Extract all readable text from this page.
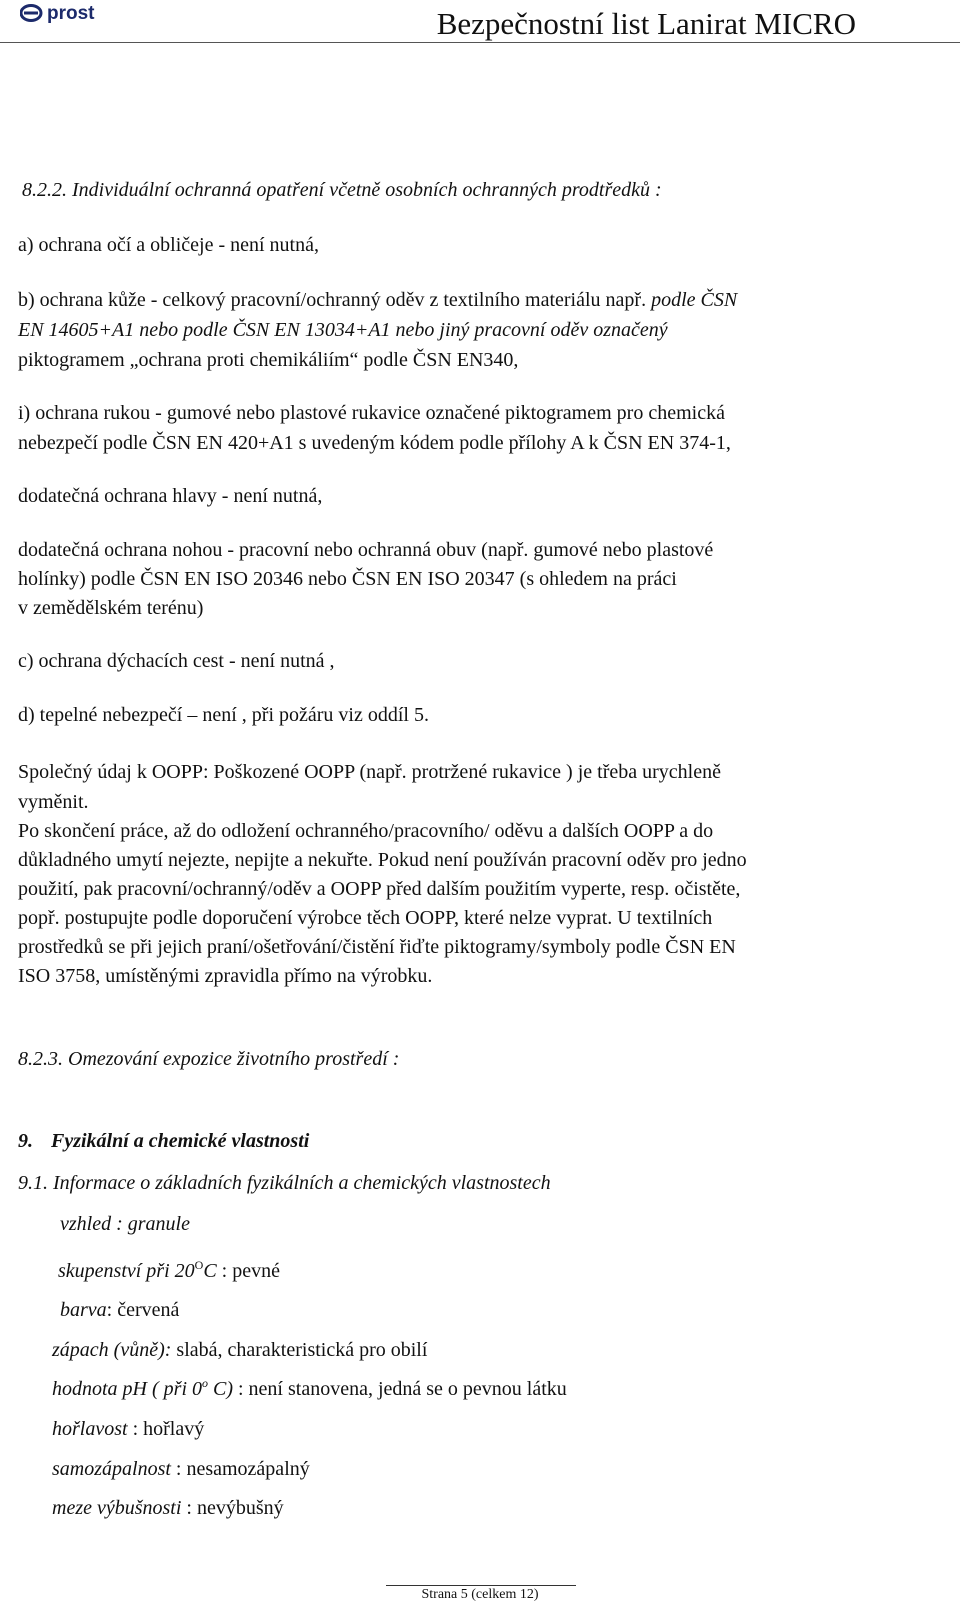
prost	Bezpečnostní list Lanirat MICRO
8.2.2. Individuální ochranná opatření včetně osobních ochranných prodtředků :
a) ochrana očí a obličeje - není nutná,
b) ochrana kůže - celkový pracovní/ochranný oděv z textilního materiálu např. podle ČSN
EN 14605+A1 nebo podle ČSN EN 13034+A1 nebo jiný pracovní oděv označený
piktogramem „ochrana proti chemikáliím“ podle ČSN EN340,
i) ochrana rukou - gumové nebo plastové rukavice označené piktogramem pro chemická
nebezpečí podle ČSN EN 420+A1 s uvedeným kódem podle přílohy A k ČSN EN 374-1,
dodatečná ochrana hlavy - není nutná,
dodatečná ochrana nohou - pracovní nebo ochranná obuv (např. gumové nebo plastové
holínky) podle ČSN EN ISO 20346 nebo ČSN EN ISO 20347 (s ohledem na práci
v zemědělském terénu)
c) ochrana dýchacích cest - není nutná ,
d) tepelné nebezpečí – není , při požáru viz oddíl 5.
Společný údaj k OOPP: Poškozené OOPP (např. protržené rukavice ) je třeba urychleně
vyměnit.
Po skončení práce, až do odložení ochranného/pracovního/ oděvu a dalších OOPP a do
důkladného umytí nejezte, nepijte a nekuřte. Pokud není používán pracovní oděv pro jedno
použití, pak pracovní/ochranný/oděv a OOPP před dalším použitím vyperte, resp. očistěte,
popř. postupujte podle doporučení výrobce těch OOPP, které nelze vyprat. U textilních
prostředků se při jejich praní/ošetřování/čistění řiďte piktogramy/symboly podle ČSN EN
ISO 3758, umístěnými zpravidla přímo na výrobku.
8.2.3. Omezování expozice životního prostředí :
9. Fyzikální a chemické vlastnosti
9.1. Informace o základních fyzikálních a chemických vlastnostech
vzhled : granule
skupenství při $20^OC$ : pevné
barva: červená
zápach (vůně): slabá, charakteristická pro obilí
hodnota pH ( při 0$^o$ C) : není stanovena, jedná se o pevnou látku
hořlavost : hořlavý
samozápalnost : nesamozápalný
meze výbušnosti : nevýbušný
Strana 5 (celkem 12)
